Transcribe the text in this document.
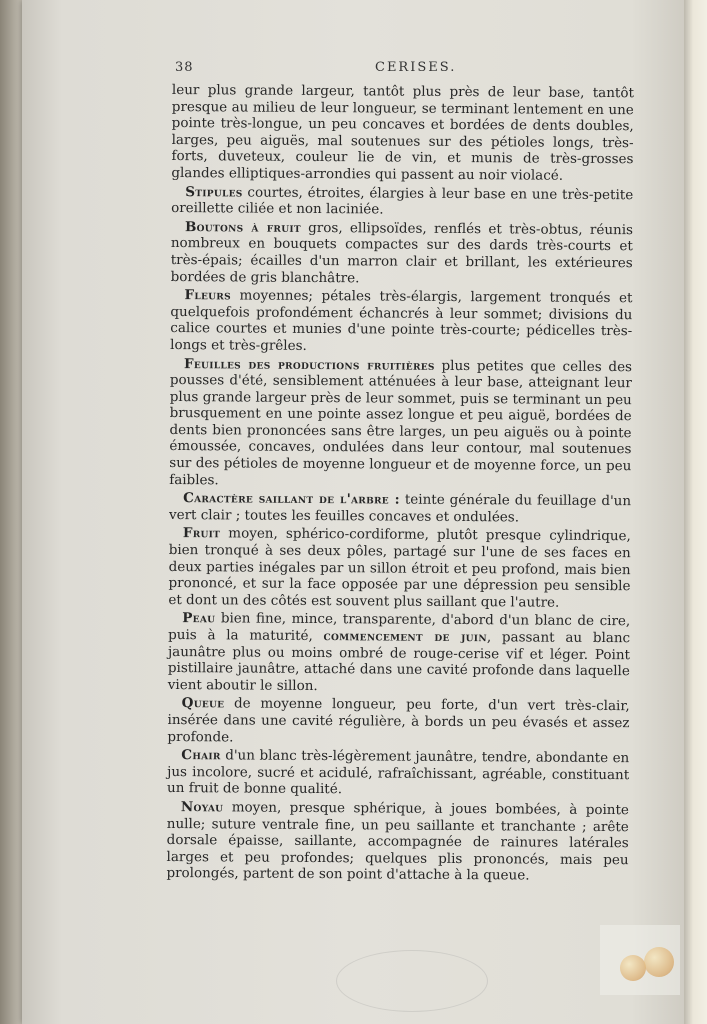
38	CERISES.

leur plus grande largeur, tantôt plus près de leur base, tantôt presque au milieu de leur longueur, se terminant lentement en une pointe très-longue, un peu concaves et bordées de dents doubles, larges, peu aiguës, mal soutenues sur des pétioles longs, très-forts, duveteux, couleur lie de vin, et munis de très-grosses glandes elliptiques-arrondies qui passent au noir violacé.

Stipules courtes, étroites, élargies à leur base en une très-petite oreillette ciliée et non laciniée.

Boutons à fruit gros, ellipsoïdes, renflés et très-obtus, réunis nombreux en bouquets compactes sur des dards très-courts et très-épais; écailles d'un marron clair et brillant, les extérieures bordées de gris blanchâtre.

Fleurs moyennes; pétales très-élargis, largement tronqués et quelquefois profondément échancrés à leur sommet; divisions du calice courtes et munies d'une pointe très-courte; pédicelles très-longs et très-grêles.

Feuilles des productions fruitières plus petites que celles des pousses d'été, sensiblement atténuées à leur base, atteignant leur plus grande largeur près de leur sommet, puis se terminant un peu brusquement en une pointe assez longue et peu aiguë, bordées de dents bien prononcées sans être larges, un peu aiguës ou à pointe émoussée, concaves, ondulées dans leur contour, mal soutenues sur des pétioles de moyenne longueur et de moyenne force, un peu faibles.

Caractère saillant de l'arbre : teinte générale du feuillage d'un vert clair ; toutes les feuilles concaves et ondulées.

Fruit moyen, sphérico-cordiforme, plutôt presque cylindrique, bien tronqué à ses deux pôles, partagé sur l'une de ses faces en deux parties inégales par un sillon étroit et peu profond, mais bien prononcé, et sur la face opposée par une dépression peu sensible et dont un des côtés est souvent plus saillant que l'autre.

Peau bien fine, mince, transparente, d'abord d'un blanc de cire, puis à la maturité, commencement de juin, passant au blanc jaunâtre plus ou moins ombré de rouge-cerise vif et léger. Point pistillaire jaunâtre, attaché dans une cavité profonde dans laquelle vient aboutir le sillon.

Queue de moyenne longueur, peu forte, d'un vert très-clair, insérée dans une cavité régulière, à bords un peu évasés et assez profonde.

Chair d'un blanc très-légèrement jaunâtre, tendre, abondante en jus incolore, sucré et acidulé, rafraîchissant, agréable, constituant un fruit de bonne qualité.

Noyau moyen, presque sphérique, à joues bombées, à pointe nulle; suture ventrale fine, un peu saillante et tranchante ; arête dorsale épaisse, saillante, accompagnée de rainures latérales larges et peu profondes; quelques plis prononcés, mais peu prolongés, partent de son point d'attache à la queue.
